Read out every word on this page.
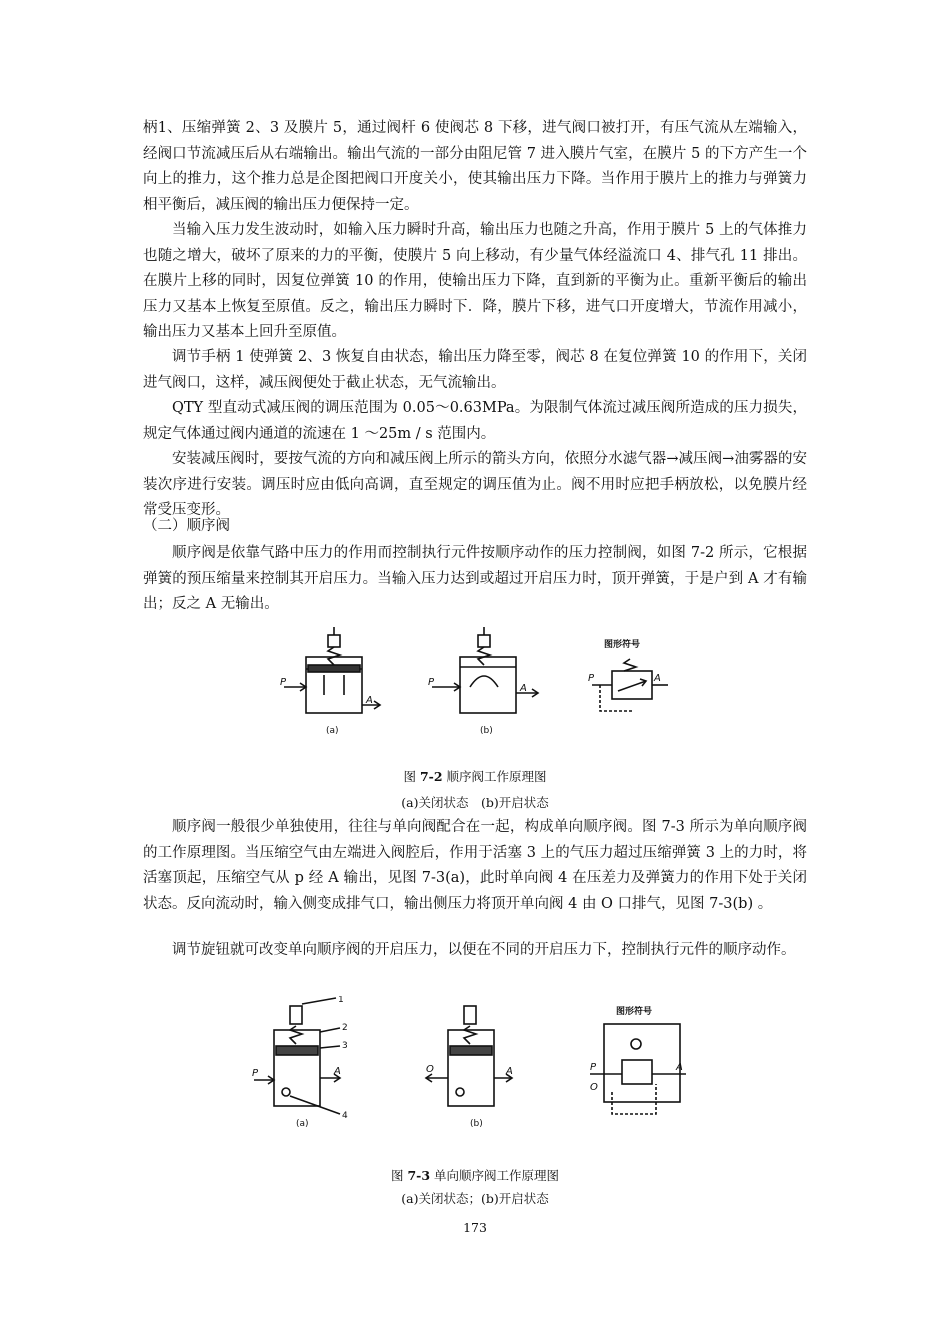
柄1、压缩弹簧 2、3 及膜片 5，通过阀杆 6 使阀芯 8 下移，进气阀口被打开，有压气流从左端输入，经阀口节流减压后从右端输出。输出气流的一部分由阻尼管 7 进入膜片气室，在膜片 5 的下方产生一个向上的推力，这个推力总是企图把阀口开度关小，使其输出压力下降。当作用于膜片上的推力与弹簧力相平衡后，减压阀的输出压力便保持一定。

当输入压力发生波动时，如输入压力瞬时升高，输出压力也随之升高，作用于膜片 5 上的气体推力也随之增大，破坏了原来的力的平衡，使膜片 5 向上移动，有少量气体经溢流口 4、排气孔 11 排出。在膜片上移的同时，因复位弹簧 10 的作用，使输出压力下降，直到新的平衡为止。重新平衡后的输出压力又基本上恢复至原值。反之，输出压力瞬时下．降，膜片下移，进气口开度增大，节流作用减小，输出压力又基本上回升至原值。

调节手柄 1 使弹簧 2、3 恢复自由状态，输出压力降至零，阀芯 8 在复位弹簧 10 的作用下，关闭进气阀口，这样，减压阀便处于截止状态，无气流输出。

QTY 型直动式减压阀的调压范围为 0.05～0.63MPa。为限制气体流过减压阀所造成的压力损失，规定气体通过阀内通道的流速在 1 ～25m / s 范围内。

安装减压阀时，要按气流的方向和减压阀上所示的箭头方向，依照分水滤气器→减压阀→油雾器的安装次序进行安装。调压时应由低向高调，直至规定的调压值为止。阀不用时应把手柄放松，以免膜片经常受压变形。

（二）顺序阀

顺序阀是依靠气路中压力的作用而控制执行元件按顺序动作的压力控制阀，如图 7-2 所示，它根据弹簧的预压缩量来控制其开启压力。当输入压力达到或超过开启压力时，顶开弹簧，于是户到 A 才有输出；反之 A 无输出。

P
A
P
A
P	A
(a)	(b)
图形符号

图 7-2 顺序阀工作原理图

(a)关闭状态　(b)开启状态

顺序阀一般很少单独使用，往往与单向阀配合在一起，构成单向顺序阀。图 7-3 所示为单向顺序阀的工作原理图。当压缩空气由左端进入阀腔后，作用于活塞 3 上的气压力超过压缩弹簧 3 上的力时，将活塞顶起，压缩空气从 p 经 A 输出，见图 7-3(a)，此时单向阀 4 在压差力及弹簧力的作用下处于关闭状态。反向流动时，输入侧变成排气口，输出侧压力将顶开单向阀 4 由 O 口排气，见图 7-3(b) 。

调节旋钮就可改变单向顺序阀的开启压力，以便在不同的开启压力下，控制执行元件的顺序动作。

P	A	O	A	P
O
A
1
2
3
4
(a)	(b)
图形符号

图 7-3 单向顺序阀工作原理图

(a)关闭状态；(b)开启状态

173
